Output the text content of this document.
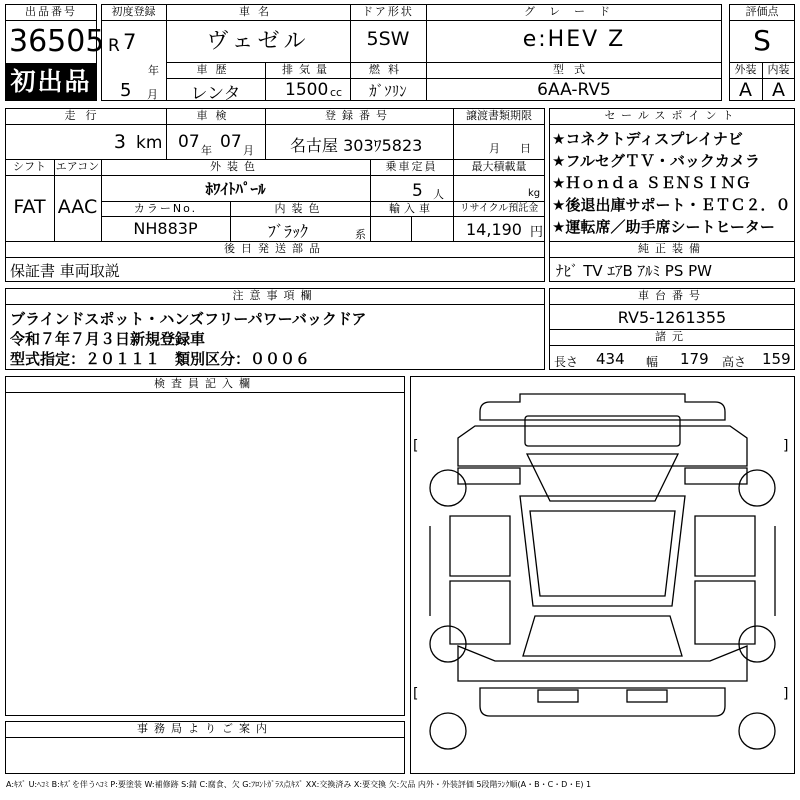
出品番号
36505
初出品
初度登録
R 7
年
5 月
車名
ヴェゼル
ドア形状
5SW
グレード
e:HEV Z
車歴
レンタ
排気量
1500 cc
燃料
ｶﾞｿﾘﾝ
型式
6AA-RV5
評価点
S
外装	内装
A	A
走行
3 km
車検
07 年 07 月
登録番号
名古屋 303ﾜ5823
譲渡書類期限
月 日
シフト エアコン
FAT AAC
外装色
ﾎﾜｲﾄﾊﾟｰﾙ
乗車定員
5 人
最大積載量
kg
カラーNo.
NH883P
内装色
ﾌﾞﾗｯｸ	系
輸入車	リサイクル預託金
14,190 円
後日発送部品
保証書 車両取説
セールスポイント
★コネクトディスプレイナビ
★フルセグＴＶ・バックカメラ
★Ｈｏｎｄａ ＳＥＮＳＩＮＧ
★後退出庫サポート・ＥＴＣ２．０
★運転席／助手席シートヒーター
純正装備
ﾅﾋﾞ TV ｴｱB ｱﾙﾐ PS PW
注意事項欄
ブラインドスポット・ハンズフリーパワーバックドア
令和７年７月３日新規登録車
型式指定：２０１１１　類別区分：０００６
車台番号
RV5-1261355
諸元
長さ 434 幅 179 高さ 159
検査員記入欄
事務局よりご案内
[	]
[	]
A:ｷｽﾞ U:ﾍｺﾐ B:ｷｽﾞを伴うﾍｺﾐ P:要塗装 W:補修跡 S:錆 C:腐食、欠 G:ﾌﾛﾝﾄｶﾞﾗｽ点ｷｽﾞ XX:交換済み X:要交換 欠:欠品 内外・外装評価 5段階ﾗﾝｸ順(A・B・C・D・E) 1
